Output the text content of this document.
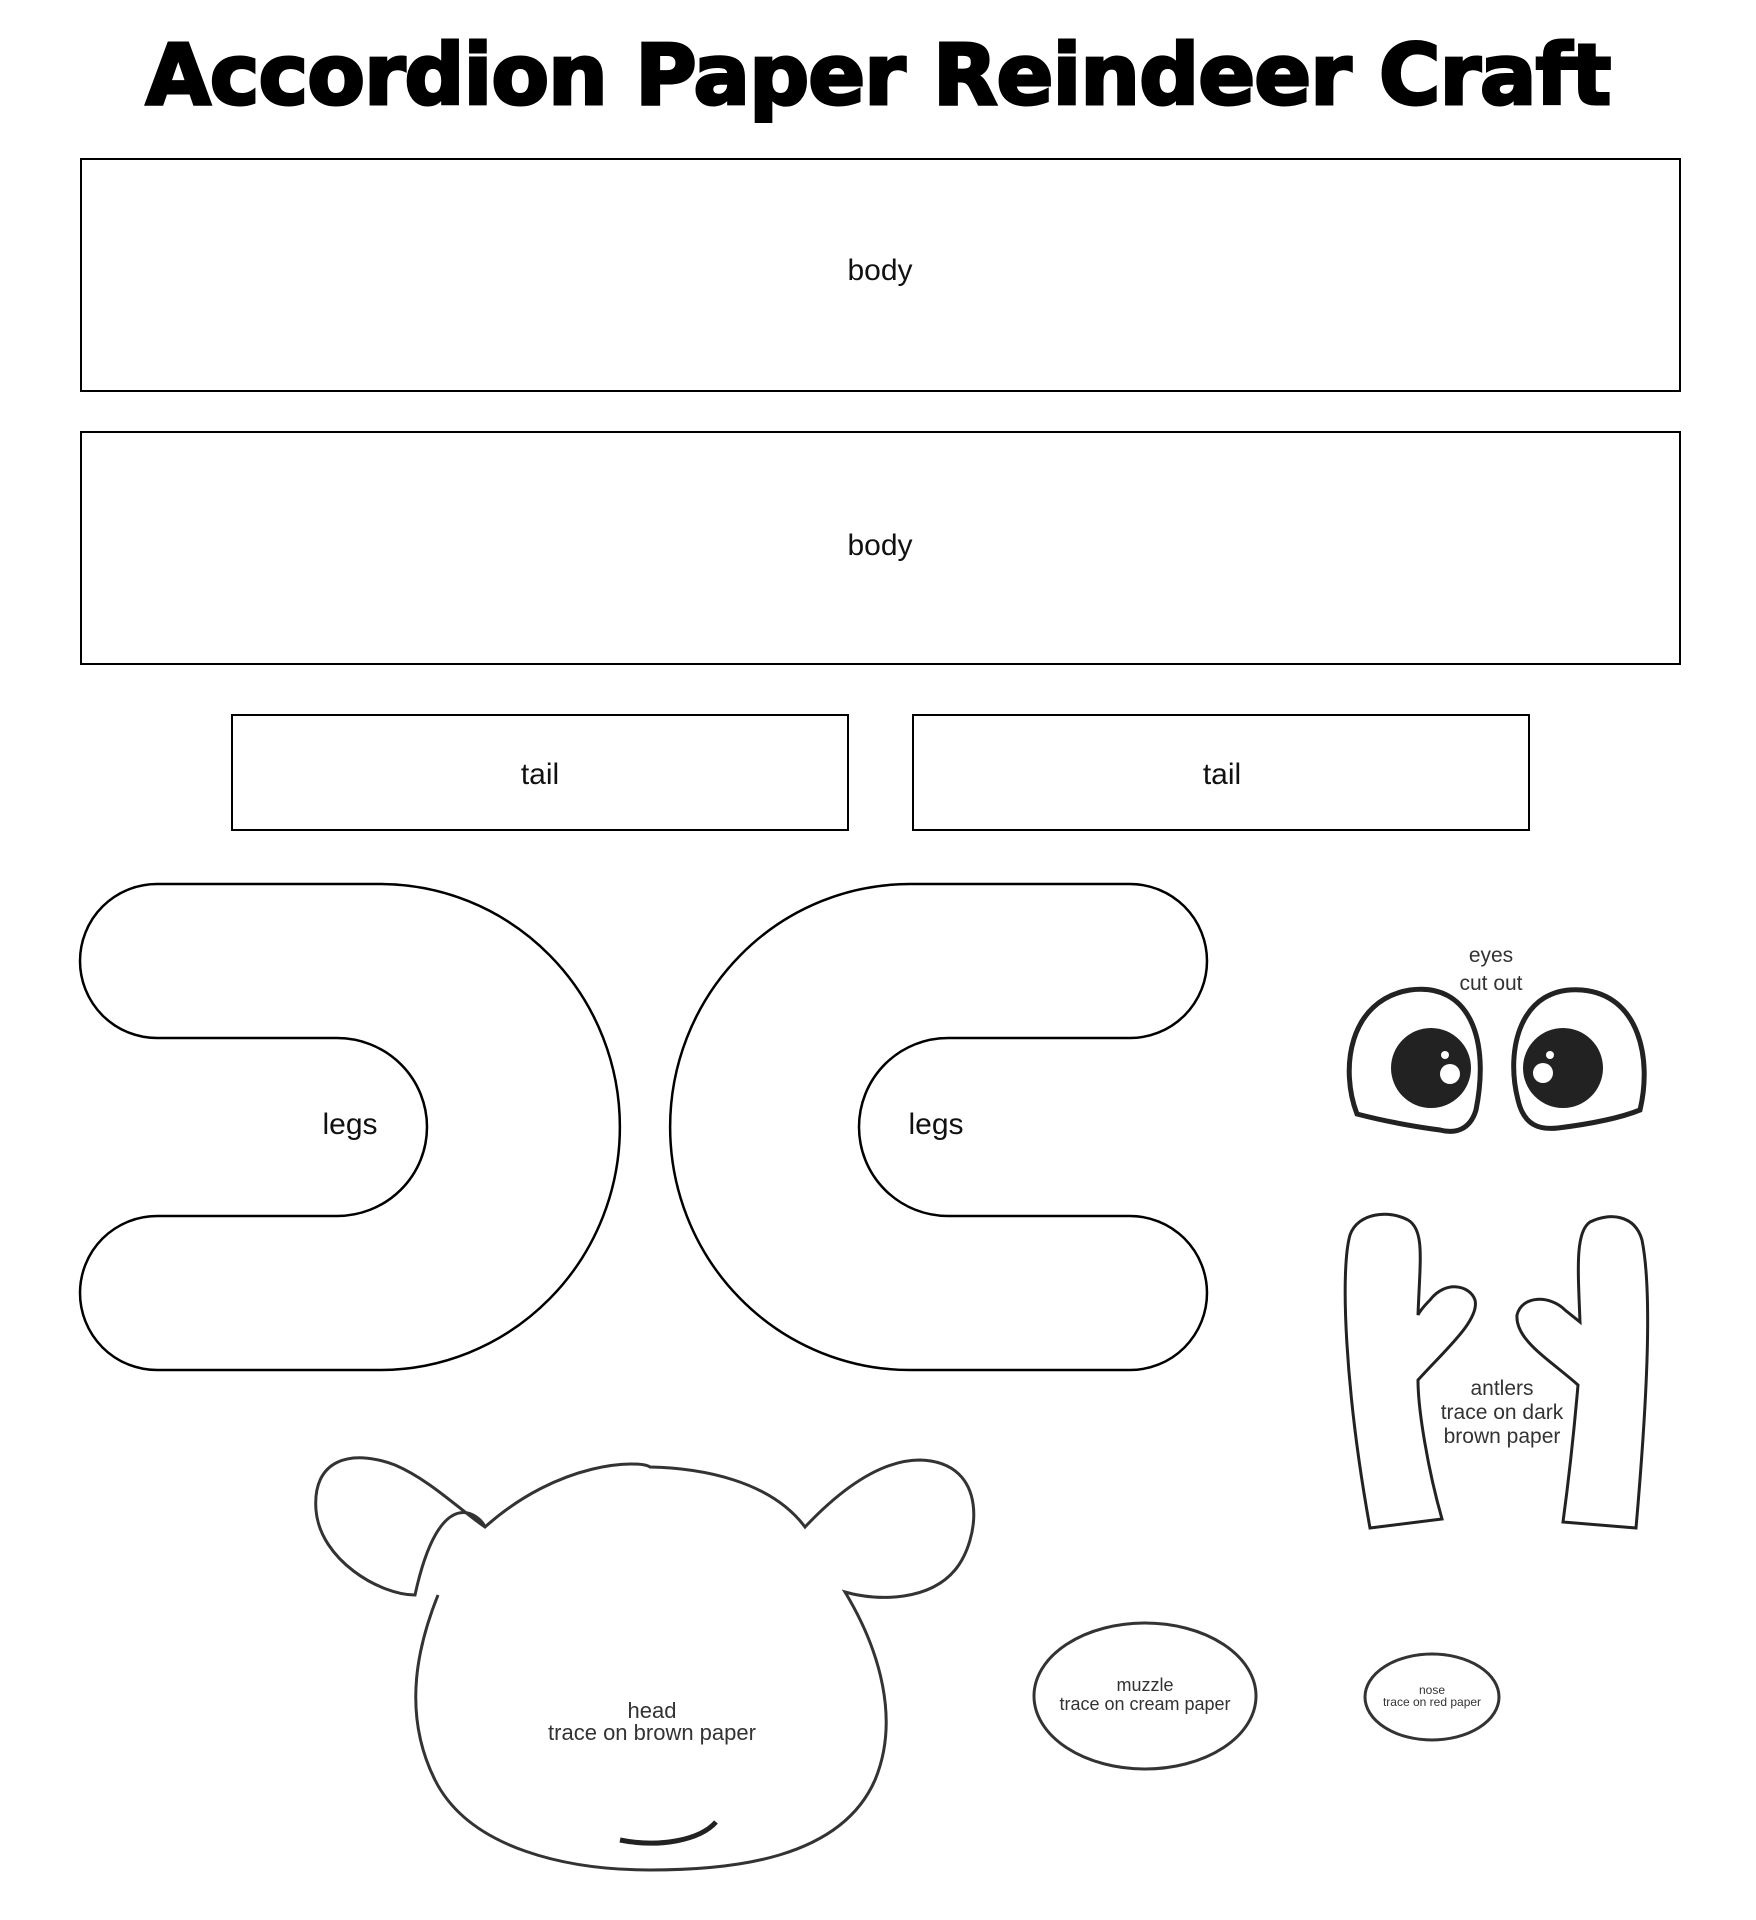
Accordion Paper Reindeer Craft
body
body
tail	tail
legs	legs
eyes
cut out
antlers
trace on dark
brown paper
head
trace on brown paper
muzzle
trace on cream paper
nose
trace on red paper
